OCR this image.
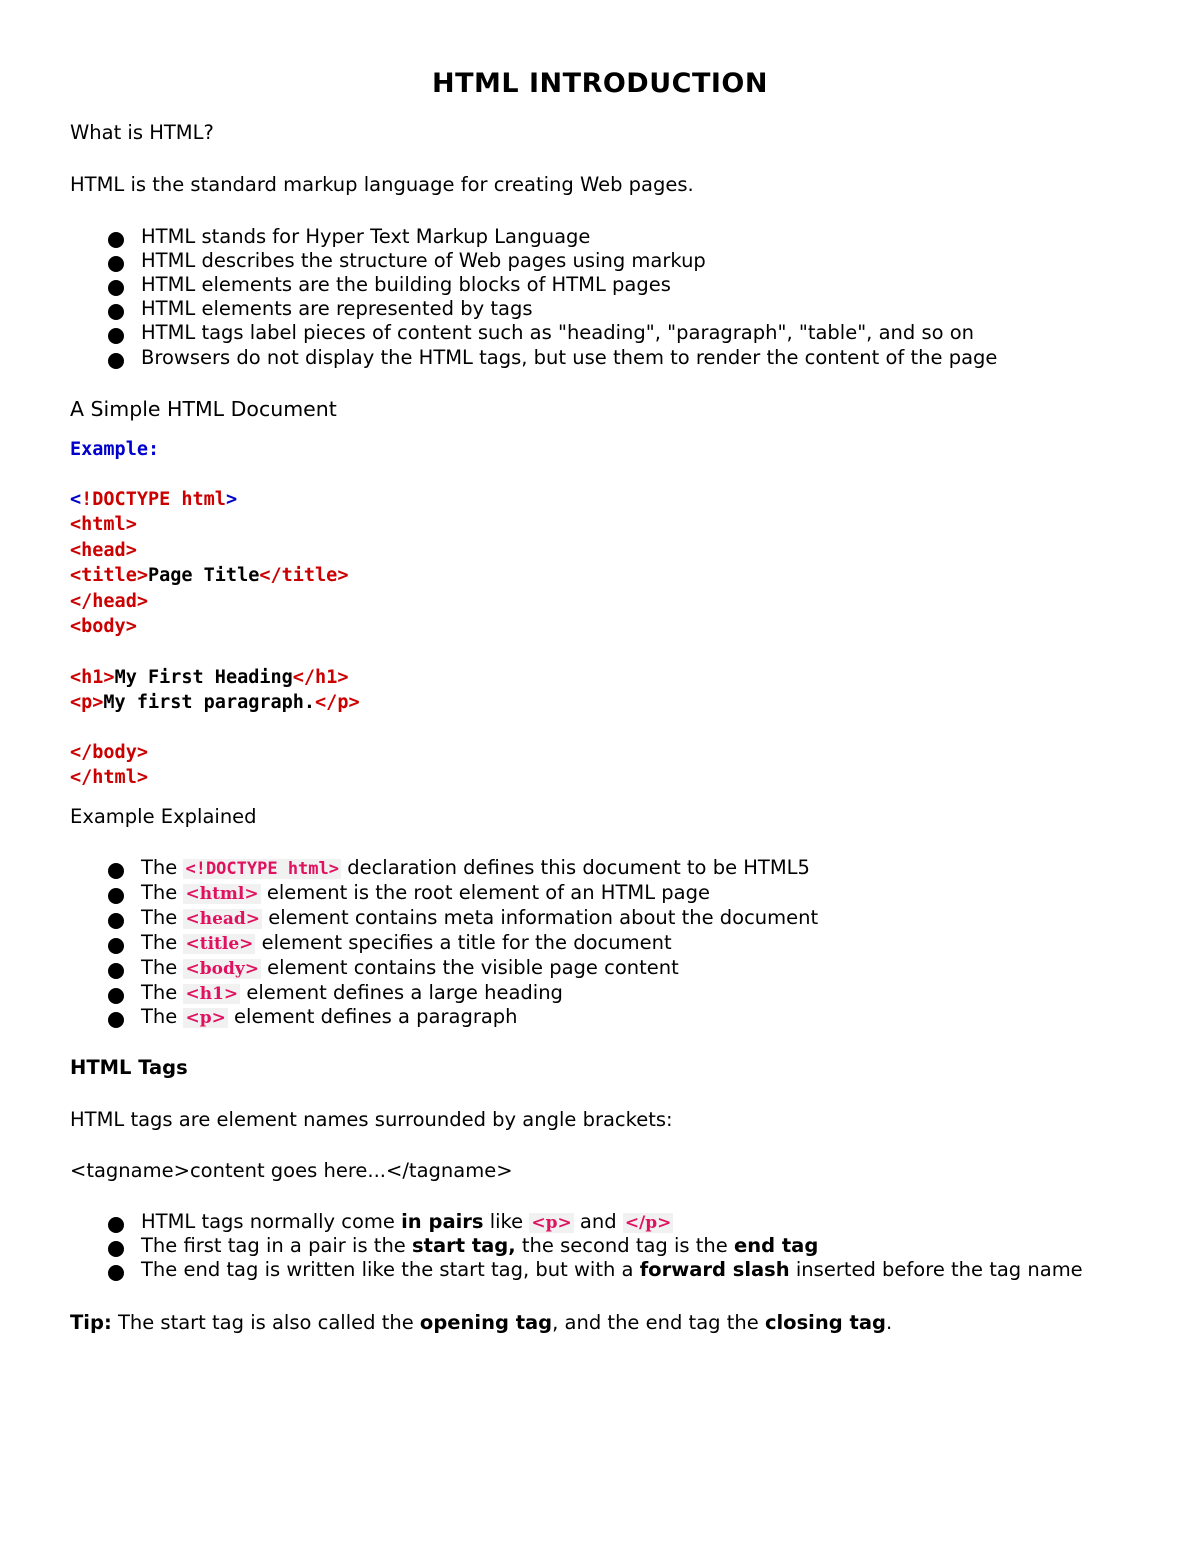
HTML INTRODUCTION
What is HTML?
HTML is the standard markup language for creating Web pages.
HTML stands for Hyper Text Markup Language
HTML describes the structure of Web pages using markup
HTML elements are the building blocks of HTML pages
HTML elements are represented by tags
HTML tags label pieces of content such as "heading", "paragraph", "table", and so on
Browsers do not display the HTML tags, but use them to render the content of the page
A Simple HTML Document
Example:
<!DOCTYPE html>
<html>
<head>
<title>Page Title</title>
</head>
<body>
<h1>My First Heading</h1>
<p>My first paragraph.</p>
</body>
</html>
Example Explained
The <!DOCTYPE html> declaration defines this document to be HTML5
The <html> element is the root element of an HTML page
The <head> element contains meta information about the document
The <title> element specifies a title for the document
The <body> element contains the visible page content
The <h1> element defines a large heading
The <p> element defines a paragraph
HTML Tags
HTML tags are element names surrounded by angle brackets:
<tagname>content goes here...</tagname>
HTML tags normally come in pairs like <p> and </p>
The first tag in a pair is the start tag, the second tag is the end tag
The end tag is written like the start tag, but with a forward slash inserted before the tag name
Tip: The start tag is also called the opening tag, and the end tag the closing tag.
